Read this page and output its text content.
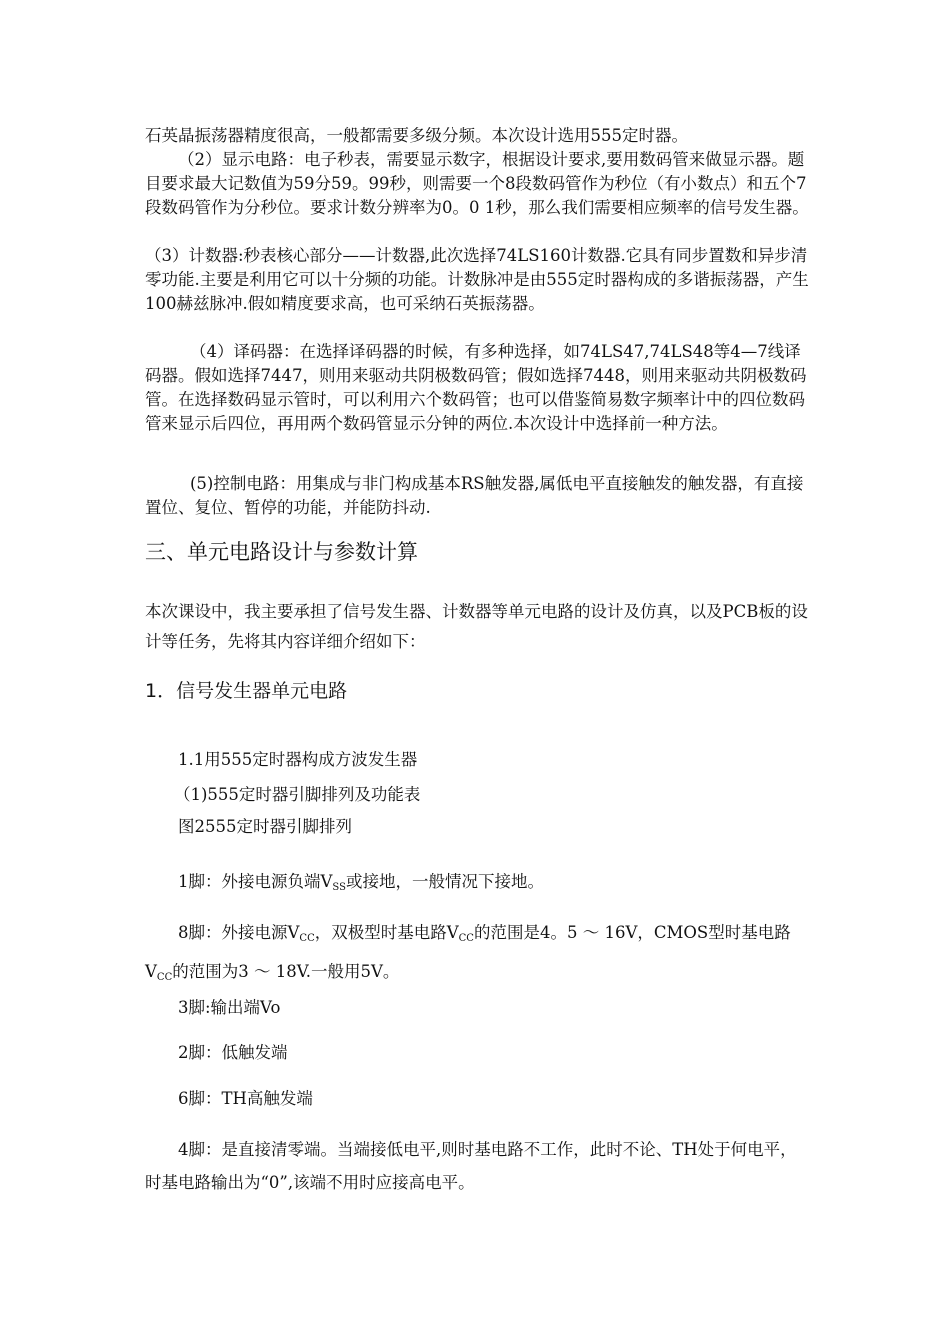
石英晶振荡器精度很高，一般都需要多级分频。本次设计选用555定时器。

（2）显示电路：电子秒表，需要显示数字，根据设计要求,要用数码管来做显示器。题目要求最大记数值为59分59。99秒，则需要一个8段数码管作为秒位（有小数点）和五个7段数码管作为分秒位。要求计数分辨率为0。0 1秒，那么我们需要相应频率的信号发生器。

（3）计数器:秒表核心部分——计数器,此次选择74LS160计数器.它具有同步置数和异步清零功能.主要是利用它可以十分频的功能。计数脉冲是由555定时器构成的多谐振荡器，产生100赫兹脉冲.假如精度要求高，也可采纳石英振荡器。

（4）译码器：在选择译码器的时候，有多种选择，如74LS47,74LS48等4—7线译码器。假如选择7447，则用来驱动共阴极数码管；假如选择7448，则用来驱动共阴极数码管。在选择数码显示管时，可以利用六个数码管；也可以借鉴简易数字频率计中的四位数码管来显示后四位，再用两个数码管显示分钟的两位.本次设计中选择前一种方法。

(5)控制电路：用集成与非门构成基本RS触发器,属低电平直接触发的触发器，有直接置位、复位、暂停的功能，并能防抖动.

三、单元电路设计与参数计算

本次课设中，我主要承担了信号发生器、计数器等单元电路的设计及仿真，以及PCB板的设计等任务，先将其内容详细介绍如下：

1．信号发生器单元电路

1.1用555定时器构成方波发生器

（1)555定时器引脚排列及功能表

图2555定时器引脚排列

1脚：外接电源负端$V_{SS}$或接地，一般情况下接地。

8脚：外接电源$V_{CC}$，双极型时基电路$V_{CC}$的范围是4。5 ～ 16V，CMOS型时基电路$V_{CC}$的范围为3 ～ 18V.一般用5V。

3脚:输出端Vo

2脚：低触发端

6脚：TH高触发端

4脚：是直接清零端。当端接低电平,则时基电路不工作，此时不论、TH处于何电平，时基电路输出为“0”,该端不用时应接高电平。
